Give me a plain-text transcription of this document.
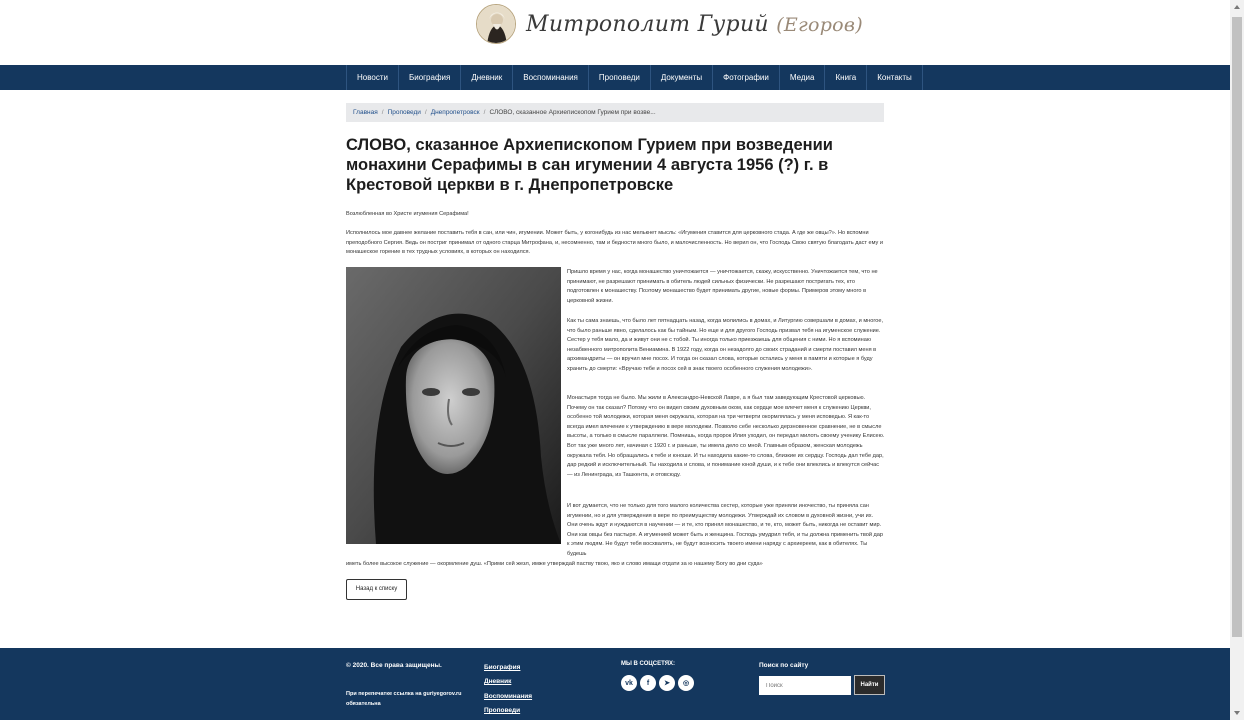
Митрополит Гурий (Егоров)
Новости	Биография	Дневник	Воспоминания	Проповеди	Документы	Фотографии	Медиа	Книга	Контакты
Главная / Проповеди / Днепропетровск / СЛОВО, сказанное Архиепископом Гурием при возве...
СЛОВО, сказанное Архиепископом Гурием при возведении монахини Серафимы в сан игумении 4 августа 1956 (?) г. в Крестовой церкви в г. Днепропетровске

Возлюбленная во Христе игумения Серафима!

Исполнилось мое давнее желание поставить тебя в сан, или чин, игумении. Может быть, у когонибудь из нас мелькнет мысль: «Игумения ставится для церковного стада. А где же овцы?». Но вспомни преподобного Сергия. Ведь он постриг принимал от одного старца Митрофана, и, несомненно, там и бедности много было, и малочисленность. Но верил он, что Господь Свою святую благодать даст ему и монашеское горение в тех трудных условиях, в которых он находился.

Пришло время у нас, когда монашество уничтожается — уничтожается, скажу, искусственно. Уничтожается тем, что не принимают, не разрешают принимать в обитель людей сильных физически. Не разрешают постригать тех, кто подготовлен к монашеству. Поэтому монашество будет принимать другие, новые формы. Примеров этому много в церковной жизни.

Как ты сама знаешь, что было лет пятнадцать назад, когда молились в домах, и Литургию совершали в домах, и многое, что было раньше явно, сделалось как бы тайным. Но еще и для другого Господь призвал тебя на игуменское служение. Сестер у тебя мало, да и живут они не с тобой. Ты иногда только приезжаешь для общения с ними. Но я вспоминаю незабвенного митрополита Вениамина. В 1922 году, когда он незадолго до своих страданий и смерти поставил меня в архимандриты — он вручил мне посох. И тогда он сказал слова, которые остались у меня в памяти и которые я буду хранить до смерти: «Вручаю тебе и посох сей в знак твоего особенного служения молодежи».

Монастыря тогда не было. Мы жили в Александро-Невской Лавре, а я был там заведующим Крестовой церковью. Почему он так сказал? Потому что он видел своим духовным оком, как сердце мое влечет меня к служению Церкви, особенно той молодежи, которая меня окружала, которая на три четверти окормлялась у меня исповедью. Я как-то всегда имел влечение к утверждению в вере молодежи. Позволю себе несколько дерзновенное сравнение, не в смысле высоты, а только в смысле параллели. Помнишь, когда пророк Илия уходил, он передал милоть своему ученику Елисею. Вот так уже много лет, начиная с 1920 г. и раньше, ты имела дело со мной. Главным образом, женская молодежь окружала тебя. Но обращались к тебе и юноши. И ты находила какие-то слова, близкие их сердцу. Господь дал тебе дар, дар редкий и исключительный. Ты находила и слова, и понимание юной души, и к тебе они влеклись и влекутся сейчас — из Ленинграда, из Ташкента, и отовсюду.

И вот думается, что не только для того малого количества сестер, которые уже приняли иночество, ты приняла сан игумении, но и для утверждения в вере по преимуществу молодежи. Утверждай их словом в духовной жизни, учи их. Они очень ждут и нуждаются в научении — и те, кто принял монашество, и те, кто, может быть, никогда не оставит мир. Они как овцы без пастыря. А игуменией может быть и женщина. Господь умудрил тебя, и ты должна применить твой дар к этим людям. Не будут тебя восхвалять, не будут возносить твоего имени наряду с архиереем, как в обителях. Ты будешь

иметь более высокое служение — окормление душ. «Прими сей жезл, имже утверждай паству твою, яко и слово имащи отдати за ю нашему Богу во дни суда»

Назад к списку
© 2020. Все права защищены.
При перепечатке ссылка на guriyegorov.ru обязательна
Биография
Дневник
Воспоминания
Проповеди
МЫ В СОЦСЕТЯХ:
vk	f	➤	◎
Поиск по сайту
Поиск
Найти
